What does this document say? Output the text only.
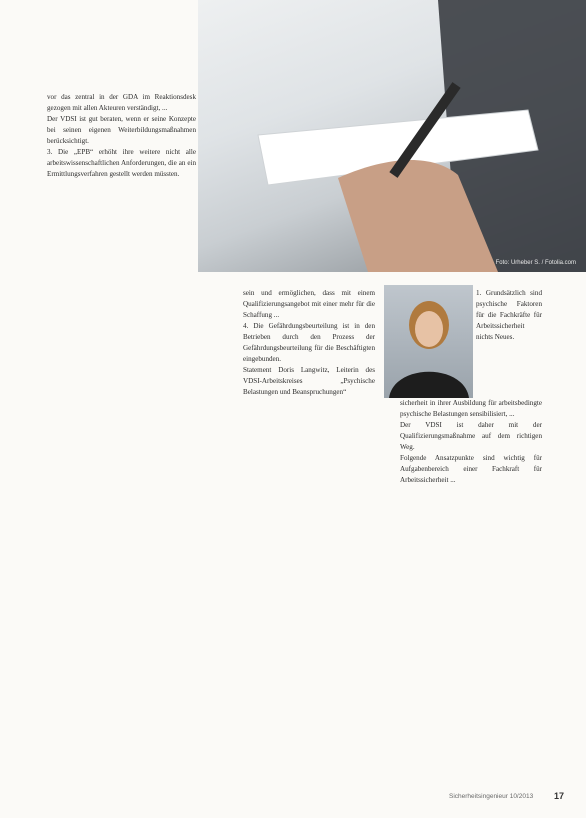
Foto: Urheber S. / Fotolia.com

vor das zentral in der GDA im Reaktionsdesk gezogen mit allen Akteuren verständigt, ...

Der VDSI ist gut beraten, wenn er seine Konzepte bei seinen eigenen Weiterbildungsmaßnahmen berücksichtigt.

3. Die „EPB“ erhöht ihre weitere nicht alle arbeitswissenschaftlichen Anforderungen, die an ein Ermittlungsverfahren gestellt werden müssten.

sein und ermöglichen, dass mit einem Qualifizierungsangebot mit einer mehr für die Schaffung ...

4. Die Gefährdungsbeurteilung ist in den Betrieben durch den Prozess der Gefährdungsbeurteilung für die Beschäftigten eingebunden.

Statement Doris Langwitz, Leiterin des VDSI-Arbeitskreises „Psychische Belastungen und Beanspruchungen“

1. Grundsätzlich sind psychische Faktoren für die Fachkräfte für Arbeitssicherheit nichts Neues.

sicherheit in ihrer Ausbildung für arbeitsbedingte psychische Belastungen sensibilisiert, ...

Der VDSI ist daher mit der Qualifizierungsmaßnahme auf dem richtigen Weg.

Folgende Ansatzpunkte sind wichtig für Aufgabenbereich einer Fachkraft für Arbeitssicherheit ...

Sicherheitsingenieur 10/2013 17
